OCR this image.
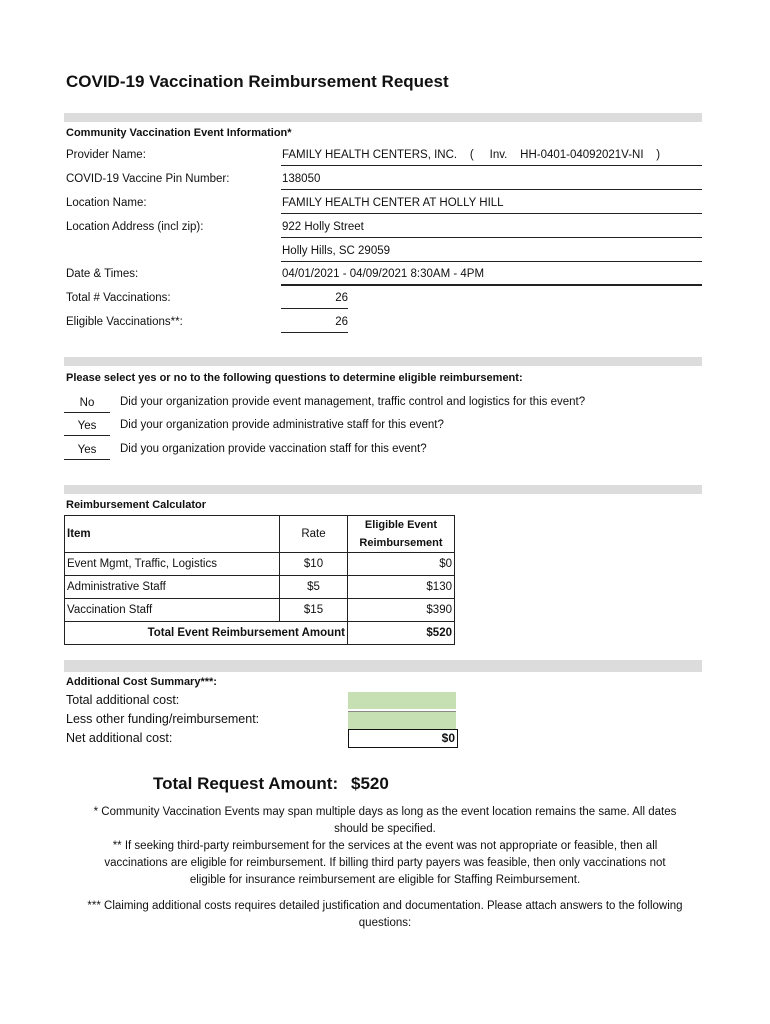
COVID-19 Vaccination Reimbursement Request
Community Vaccination Event Information*
Provider Name:	FAMILY HEALTH CENTERS, INC.    (     Inv.    HH-0401-04092021V-NI    )
COVID-19 Vaccine Pin Number:	138050
Location Name:	FAMILY HEALTH CENTER AT HOLLY HILL
Location Address (incl zip):	922 Holly Street
Holly Hills, SC 29059
Date & Times:	04/01/2021 - 04/09/2021 8:30AM - 4PM
Total # Vaccinations:	26
Eligible Vaccinations**:	26
Please select yes or no to the following questions to determine eligible reimbursement:
No	Did your organization provide event management, traffic control and logistics for this event?
Yes	Did your organization provide administrative staff for this event?
Yes	Did you organization provide vaccination staff for this event?
Reimbursement Calculator
Item	Rate	Eligible Event
Reimbursement

Event Mgmt, Traffic, Logistics	$10	$0
Administrative Staff	$5	$130
Vaccination Staff	$15	$390
Total Event Reimbursement Amount		$520
Additional Cost Summary***:
Total additional cost:
Less other funding/reimbursement:
Net additional cost:	$0
Total Request Amount: $520
* Community Vaccination Events may span multiple days as long as the event location remains the same. All dates
should be specified.
** If seeking third-party reimbursement for the services at the event was not appropriate or feasible, then all
vaccinations are eligible for reimbursement. If billing third party payers was feasible, then only vaccinations not
eligible for insurance reimbursement are eligible for Staffing Reimbursement.
*** Claiming additional costs requires detailed justification and documentation. Please attach answers to the following
questions:
